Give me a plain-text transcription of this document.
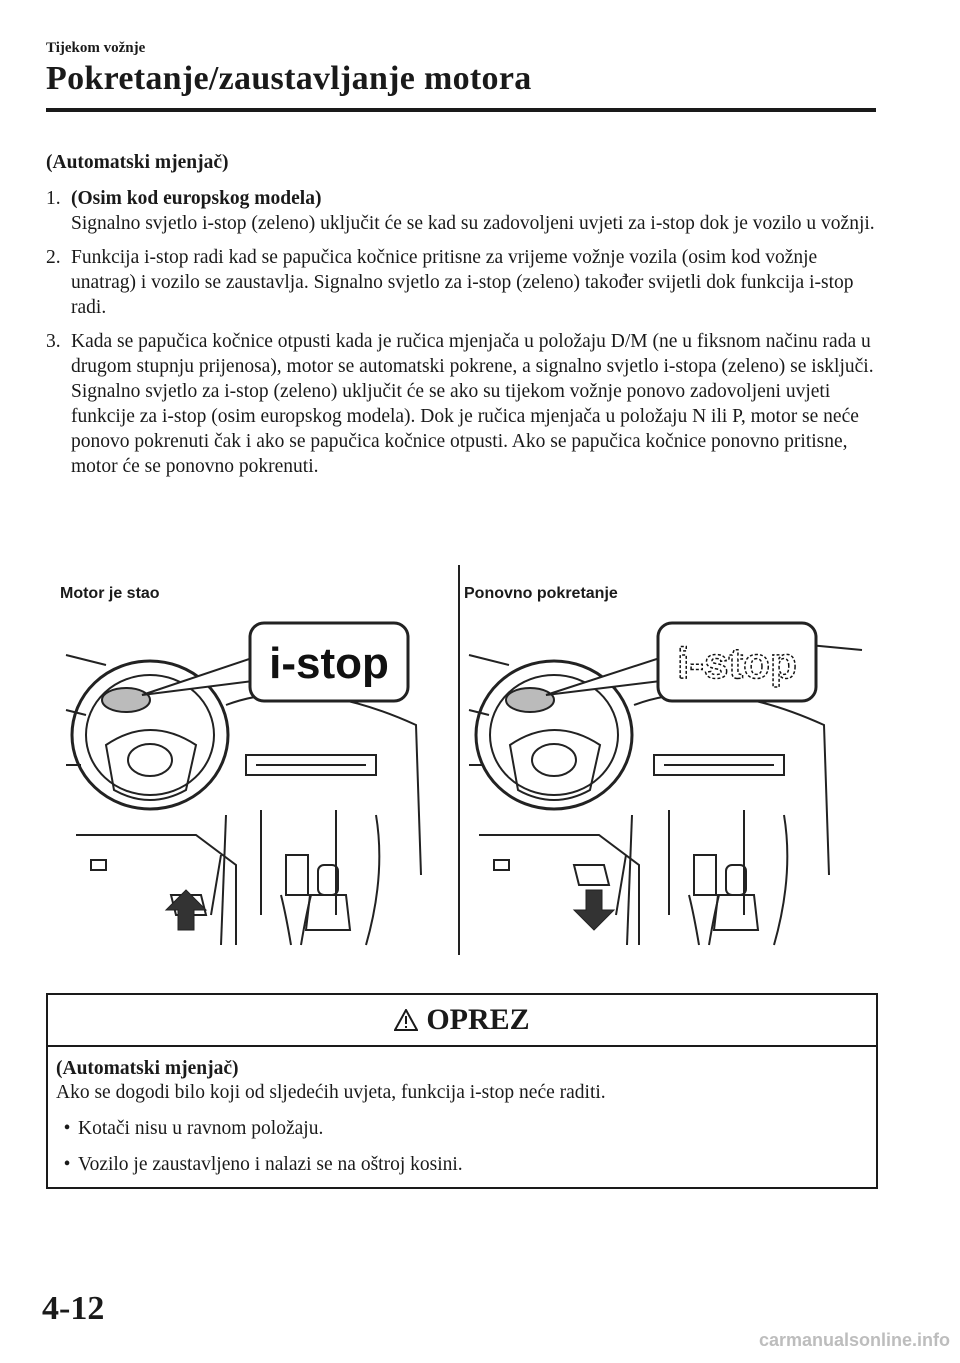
Tijekom vožnje
Pokretanje/zaustavljanje motora
(Automatski mjenjač)
1. (Osim kod europskog modela)
Signalno svjetlo i-stop (zeleno) uključit će se kad su zadovoljeni uvjeti za i-stop dok je vozilo u vožnji.
2. Funkcija i-stop radi kad se papučica kočnice pritisne za vrijeme vožnje vozila (osim kod vožnje unatrag) i vozilo se zaustavlja. Signalno svjetlo za i-stop (zeleno) također svijetli dok funkcija i-stop radi.
3. Kada se papučica kočnice otpusti kada je ručica mjenjača u položaju D/M (ne u fiksnom načinu rada u drugom stupnju prijenosa), motor se automatski pokrene, a signalno svjetlo i-stopa (zeleno) se isključi. Signalno svjetlo za i-stop (zeleno) uključit će se ako su tijekom vožnje ponovo zadovoljeni uvjeti funkcije za i-stop (osim europskog modela). Dok je ručica mjenjača u položaju N ili P, motor se neće ponovo pokrenuti čak i ako se papučica kočnice otpusti. Ako se papučica kočnice ponovno pritisne, motor će se ponovno pokrenuti.
Motor je stao	Ponovno pokretanje
i-stop	i-stop
OPREZ
(Automatski mjenjač)
Ako se dogodi bilo koji od sljedećih uvjeta, funkcija i-stop neće raditi.
• Kotači nisu u ravnom položaju.
• Vozilo je zaustavljeno i nalazi se na oštroj kosini.
4-12
carmanualsonline.info
